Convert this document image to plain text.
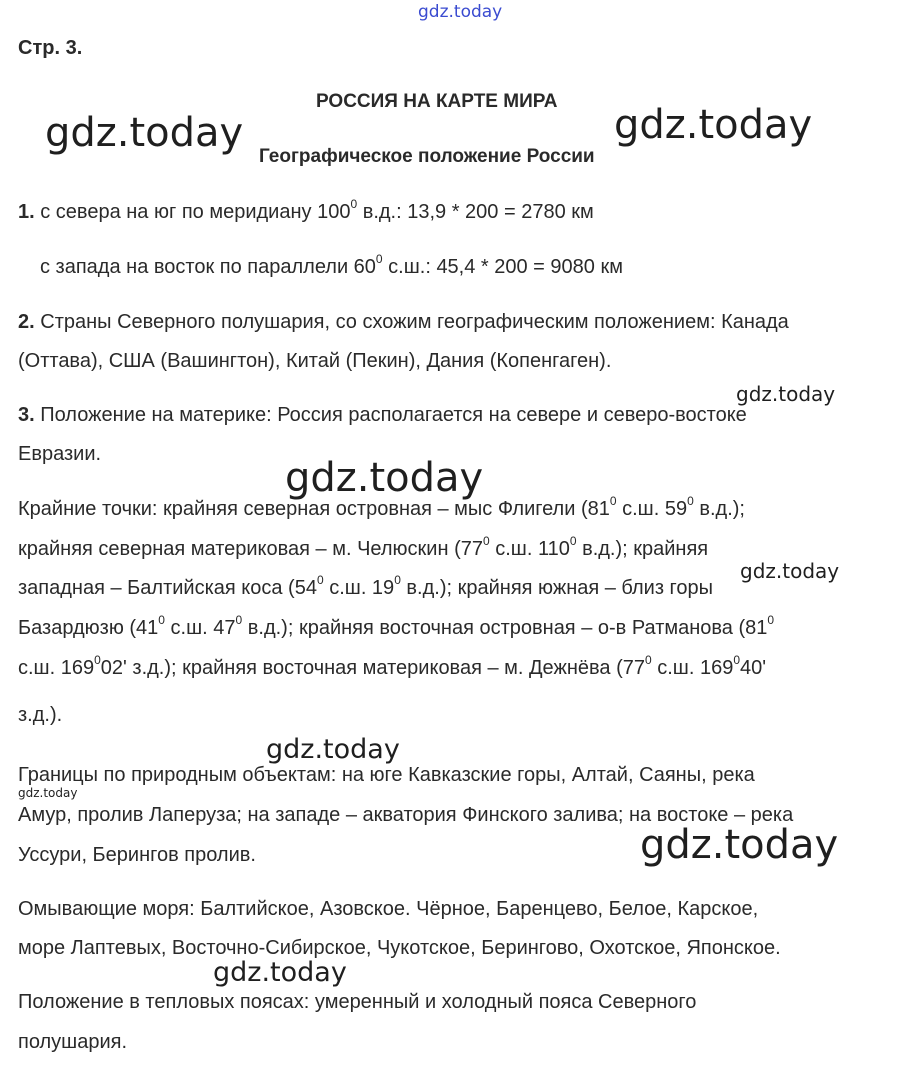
Стр. 3.
РОССИЯ НА КАРТЕ МИРА
Географическое положение России
1. с севера на юг по меридиану $100^0$ в.д.: 13,9 * 200 = 2780 км
с запада на восток по параллели $60^0$ с.ш.: 45,4 * 200 = 9080 км
2. Страны Северного полушария, со схожим географическим положением: Канада
(Оттава), США (Вашингтон), Китай (Пекин), Дания (Копенгаген).
3. Положение на материке: Россия располагается на севере и северо-востоке
Евразии.
Крайние точки: крайняя северная островная – мыс Флигели ($81^0$ с.ш. $59^0$ в.д.);
крайняя северная материковая – м. Челюскин ($77^0$ с.ш. $110^0$ в.д.); крайняя
западная – Балтийская коса ($54^0$ с.ш. $19^0$ в.д.); крайняя южная – близ горы
Базардюзю ($41^0$ с.ш. $47^0$ в.д.); крайняя восточная островная – о-в Ратманова ($81^0$
с.ш. $169^002'$ з.д.); крайняя восточная материковая – м. Дежнёва ($77^0$ с.ш. $169^040'$
з.д.).
Границы по природным объектам: на юге Кавказские горы, Алтай, Саяны, река
Амур, пролив Лаперуза; на западе – акватория Финского залива; на востоке – река
Уссури, Берингов пролив.
Омывающие моря: Балтийское, Азовское. Чёрное, Баренцево, Белое, Карское,
море Лаптевых, Восточно-Сибирское, Чукотское, Берингово, Охотское, Японское.
Положение в тепловых поясах: умеренный и холодный пояса Северного
полушария.
gdz.today
gdz.today	gdz.today
gdz.today
gdz.today
gdz.today
gdz.today
gdz.today
gdz.today
gdz.today
